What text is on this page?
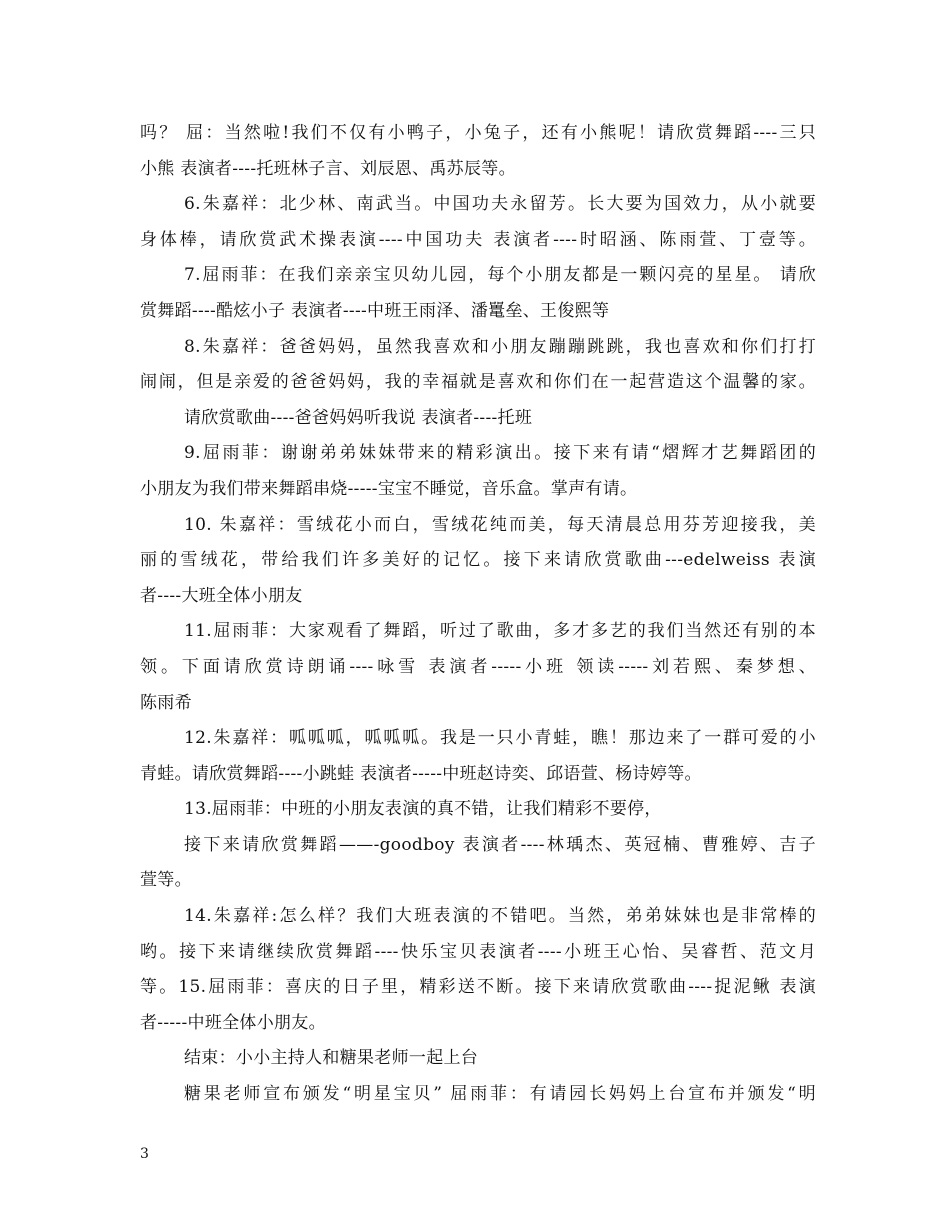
吗？ 屈：当然啦!我们不仅有小鸭子，小兔子，还有小熊呢！请欣赏舞蹈----三只
小熊 表演者----托班林子言、刘辰恩、禹苏辰等。
6.朱嘉祥：北少林、南武当。中国功夫永留芳。长大要为国效力，从小就要
身体棒，请欣赏武术操表演----中国功夫 表演者----时昭涵、陈雨萱、丁壹等。
7.屈雨菲：在我们亲亲宝贝幼儿园，每个小朋友都是一颗闪亮的星星。 请欣
赏舞蹈----酷炫小子 表演者----中班王雨泽、潘鼍垒、王俊熙等
8.朱嘉祥：爸爸妈妈，虽然我喜欢和小朋友蹦蹦跳跳，我也喜欢和你们打打
闹闹，但是亲爱的爸爸妈妈，我的幸福就是喜欢和你们在一起营造这个温馨的家。
请欣赏歌曲----爸爸妈妈听我说 表演者----托班
9.屈雨菲：谢谢弟弟妹妹带来的精彩演出。接下来有请“熠辉才艺舞蹈团的
小朋友为我们带来舞蹈串烧-----宝宝不睡觉，音乐盒。掌声有请。
10. 朱嘉祥：雪绒花小而白，雪绒花纯而美，每天清晨总用芬芳迎接我，美
丽的雪绒花，带给我们许多美好的记忆。接下来请欣赏歌曲---edelweiss 表演
者----大班全体小朋友
11.屈雨菲：大家观看了舞蹈，听过了歌曲，多才多艺的我们当然还有别的本
领。下面请欣赏诗朗诵----咏雪 表演者-----小班 领读-----刘若熙、秦梦想、
陈雨希
12.朱嘉祥：呱呱呱，呱呱呱。我是一只小青蛙，瞧！那边来了一群可爱的小
青蛙。请欣赏舞蹈----小跳蛙 表演者-----中班赵诗奕、邱语萱、杨诗婷等。
13.屈雨菲：中班的小朋友表演的真不错，让我们精彩不要停，
接下来请欣赏舞蹈——-goodboy 表演者----林瑀杰、英冠楠、曹雅婷、吉子
萱等。
14.朱嘉祥:怎么样？我们大班表演的不错吧。当然，弟弟妹妹也是非常棒的
哟。接下来请继续欣赏舞蹈----快乐宝贝表演者----小班王心怡、吴睿哲、范文月
等。15.屈雨菲：喜庆的日子里，精彩送不断。接下来请欣赏歌曲----捉泥鳅 表演
者-----中班全体小朋友。
结束：小小主持人和糖果老师一起上台
糖果老师宣布颁发“明星宝贝” 屈雨菲：有请园长妈妈上台宣布并颁发“明
3
